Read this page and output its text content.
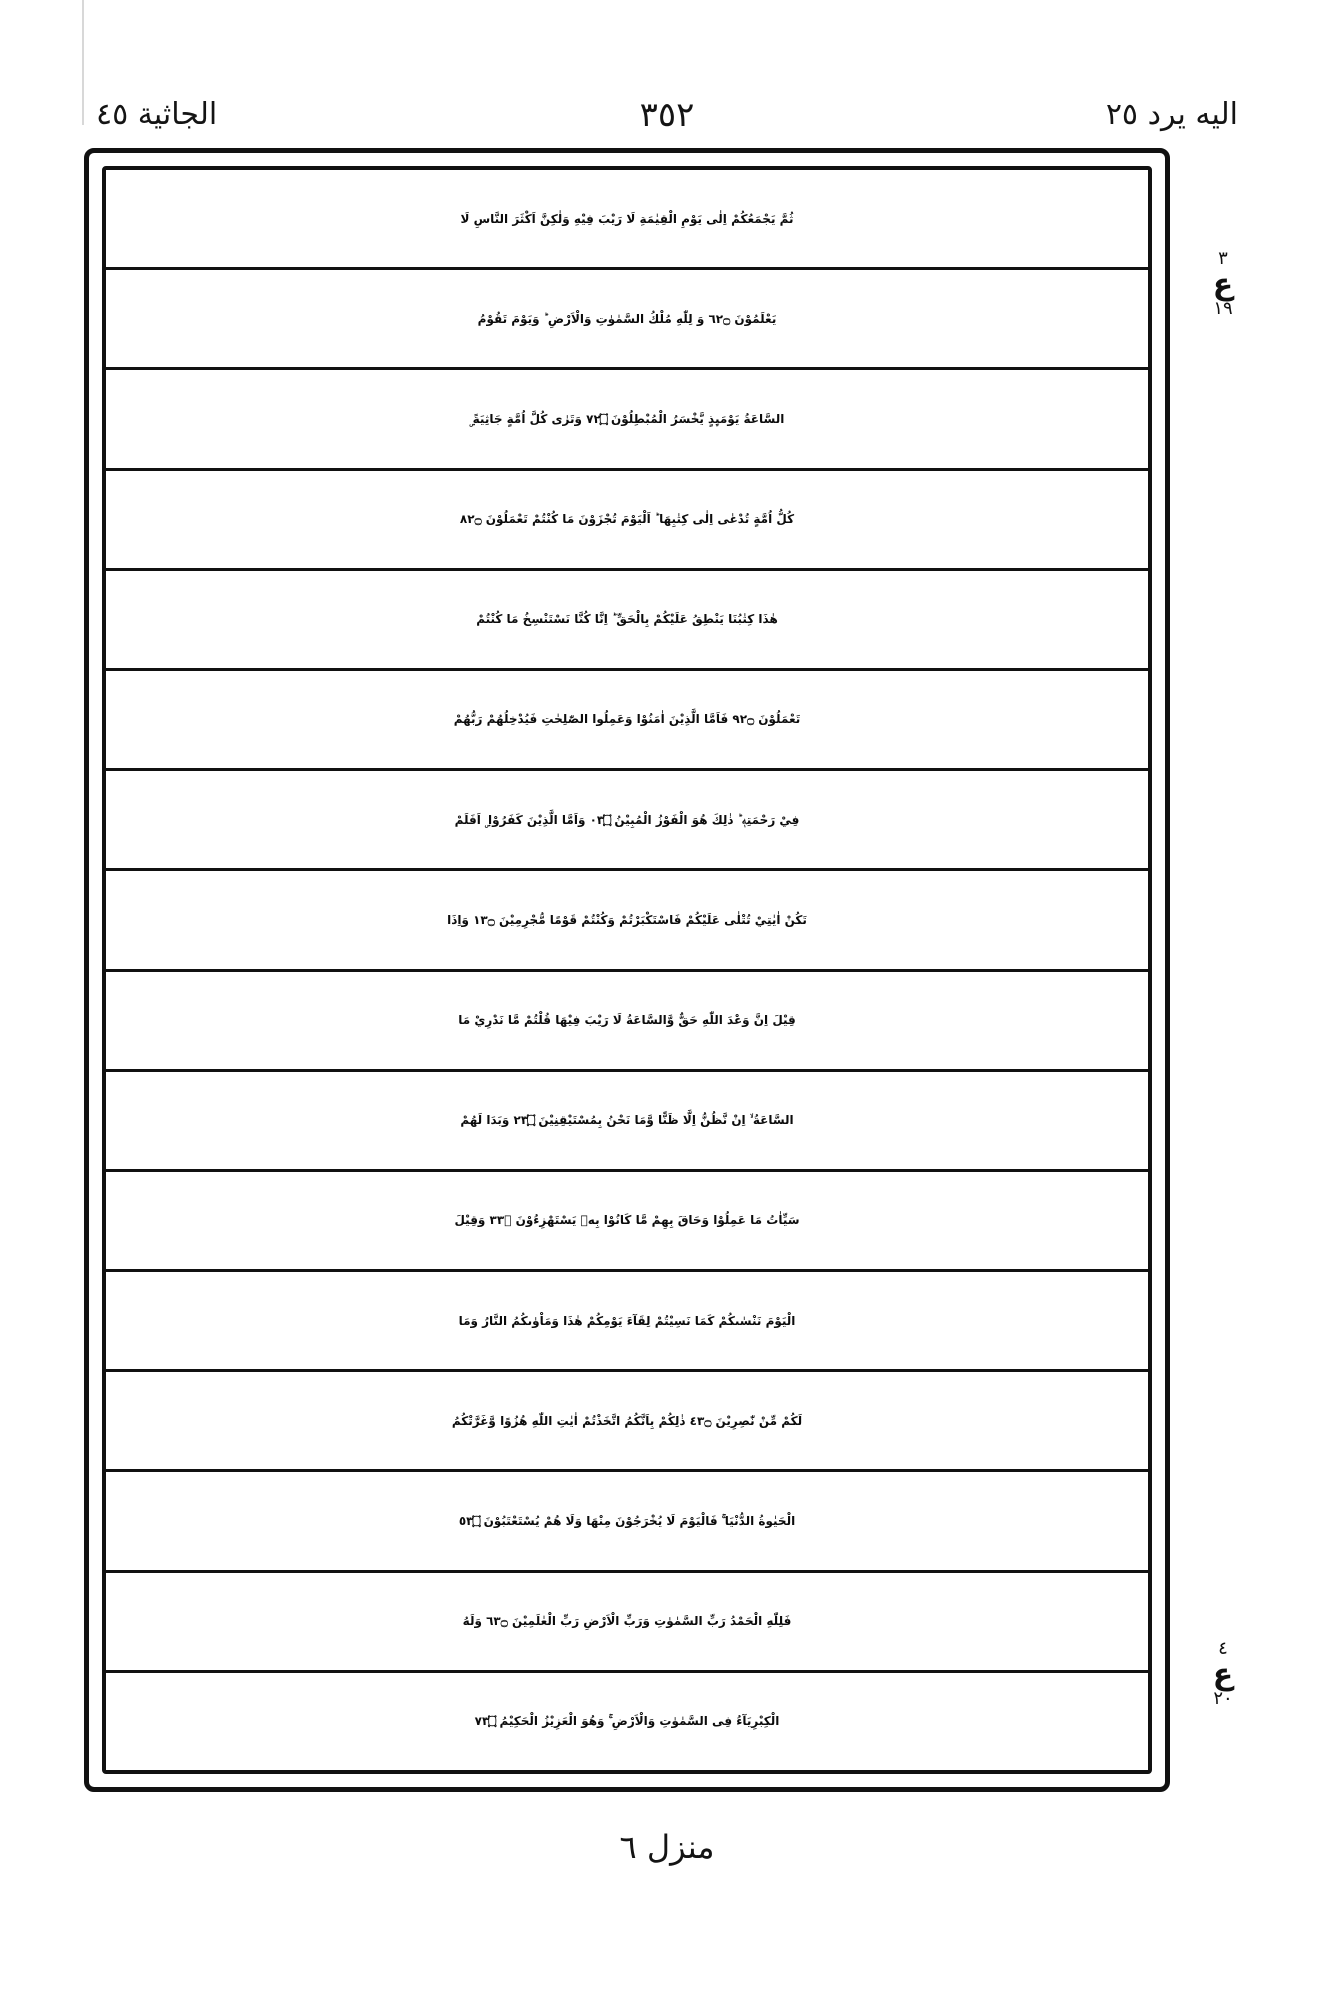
الجاثية ٤٥	٣٥٢	اليه يرد ٢٥
ثُمَّ يَجْمَعُكُمْ اِلٰى يَوْمِ الْقِيٰمَةِ لَا رَيْبَ فِيْهِ وَلٰكِنَّ اَكْثَرَ النَّاسِ لَا
يَعْلَمُوْنَ ۝٢٦ وَ لِلّٰهِ مُلْكُ السَّمٰوٰتِ وَالْاَرْضِ ؕ وَيَوْمَ تَقُوْمُ
السَّاعَةُ يَوْمَىِٕذٍ يَّخْسَرُ الْمُبْطِلُوْنَ ۝٢٧ وَتَرٰى كُلَّ اُمَّةٍ جَاثِيَةً ۣ
كُلُّ اُمَّةٍ تُدْعٰى اِلٰى كِتٰبِهَا ؕ اَلْيَوْمَ تُجْزَوْنَ مَا كُنْتُمْ تَعْمَلُوْنَ ۝٢٨
هٰذَا كِتٰبُنَا يَنْطِقُ عَلَيْكُمْ بِالْحَقِّ ؕ اِنَّا كُنَّا نَسْتَنْسِخُ مَا كُنْتُمْ
تَعْمَلُوْنَ ۝٢٩ فَاَمَّا الَّذِيْنَ اٰمَنُوْا وَعَمِلُوا الصّٰلِحٰتِ فَيُدْخِلُهُمْ رَبُّهُمْ
فِيْ رَحْمَتِهٖ ؕ ذٰلِكَ هُوَ الْفَوْزُ الْمُبِيْنُ ۝٣٠ وَاَمَّا الَّذِيْنَ كَفَرُوْا ۣ اَفَلَمْ
تَكُنْ اٰيٰتِيْ تُتْلٰى عَلَيْكُمْ فَاسْتَكْبَرْتُمْ وَكُنْتُمْ قَوْمًا مُّجْرِمِيْنَ ۝٣١ وَاِذَا
قِيْلَ اِنَّ وَعْدَ اللّٰهِ حَقٌّ وَّالسَّاعَةُ لَا رَيْبَ فِيْهَا قُلْتُمْ مَّا نَدْرِيْ مَا
السَّاعَةُ ۙ اِنْ نَّظُنُّ اِلَّا ظَنًّا وَّمَا نَحْنُ بِمُسْتَيْقِنِيْنَ ۝٣٢ وَبَدَا لَهُمْ
سَيِّاٰتُ مَا عَمِلُوْا وَحَاقَ بِهِمْ مَّا كَانُوْا بِهٖ يَسْتَهْزِءُوْنَ ۝٣٣ وَقِيْلَ
الْيَوْمَ نَنْسٰىكُمْ كَمَا نَسِيْتُمْ لِقَآءَ يَوْمِكُمْ هٰذَا وَمَاْوٰىكُمُ النَّارُ وَمَا
لَكُمْ مِّنْ نّٰصِرِيْنَ ۝٣٤ ذٰلِكُمْ بِاَنَّكُمُ اتَّخَذْتُمْ اٰيٰتِ اللّٰهِ هُزُوًا وَّغَرَّتْكُمُ
الْحَيٰوةُ الدُّنْيَا ۚ فَالْيَوْمَ لَا يُخْرَجُوْنَ مِنْهَا وَلَا هُمْ يُسْتَعْتَبُوْنَ ۝٣٥
فَلِلّٰهِ الْحَمْدُ رَبِّ السَّمٰوٰتِ وَرَبِّ الْاَرْضِ رَبِّ الْعٰلَمِيْنَ ۝٣٦ وَلَهُ
الْكِبْرِيَآءُ فِى السَّمٰوٰتِ وَالْاَرْضِ ۚ وَهُوَ الْعَزِيْزُ الْحَكِيْمُ ۝٣٧
٣
ع
١٩
٤
ع
٢٠
منزل ٦
